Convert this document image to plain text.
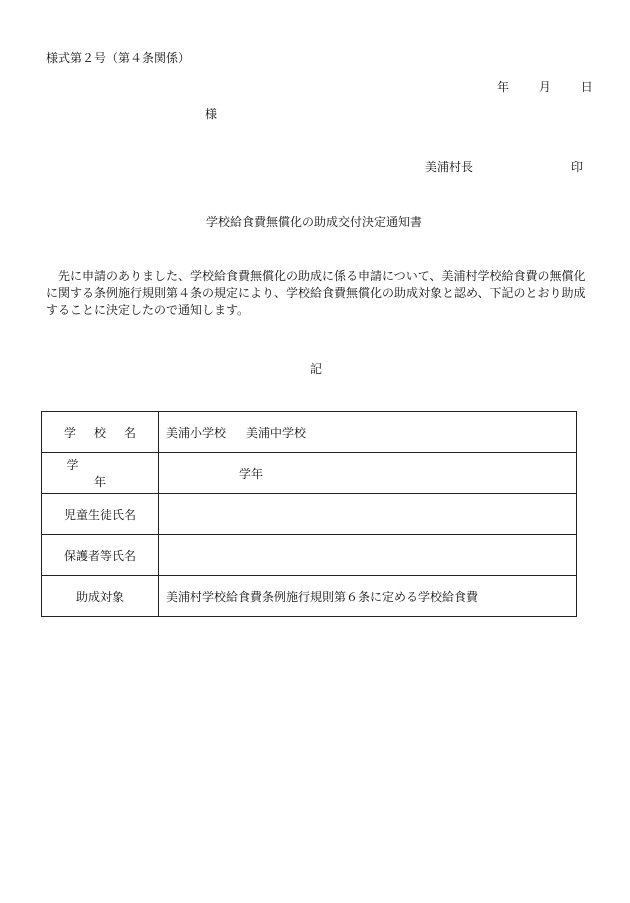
様式第２号（第４条関係）
年 月 日
様
美浦村長	印
学校給食費無償化の助成交付決定通知書
先に申請のありました、学校給食費無償化の助成に係る申請について、美浦村学校給食費の無償化に関する条例施行規則第４条の規定により、学校給食費無償化の助成対象と認め、下記のとおり助成することに決定したので通知します。
記
学校名	美浦小学校 美浦中学校
学年	学年
児童生徒氏名	
保護者等氏名	
助成対象	美浦村学校給食費条例施行規則第６条に定める学校給食費
